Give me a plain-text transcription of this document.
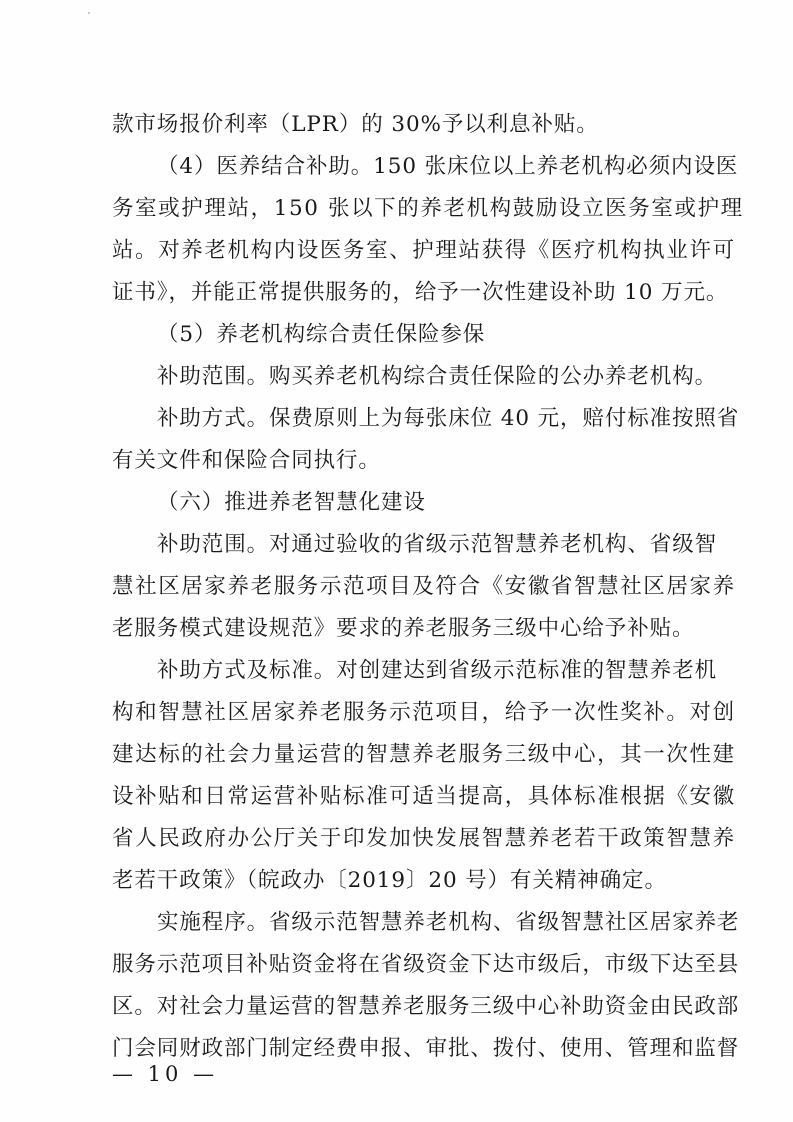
款市场报价利率（LPR）的 30%予以利息补贴。
（4）医养结合补助。150 张床位以上养老机构必须内设医
务室或护理站，150 张以下的养老机构鼓励设立医务室或护理
站。对养老机构内设医务室、护理站获得《医疗机构执业许可
证书》，并能正常提供服务的，给予一次性建设补助 10 万元。
（5）养老机构综合责任保险参保
补助范围。购买养老机构综合责任保险的公办养老机构。
补助方式。保费原则上为每张床位 40 元，赔付标准按照省
有关文件和保险合同执行。
（六）推进养老智慧化建设
补助范围。对通过验收的省级示范智慧养老机构、省级智
慧社区居家养老服务示范项目及符合《安徽省智慧社区居家养
老服务模式建设规范》要求的养老服务三级中心给予补贴。
补助方式及标准。对创建达到省级示范标准的智慧养老机
构和智慧社区居家养老服务示范项目，给予一次性奖补。对创
建达标的社会力量运营的智慧养老服务三级中心，其一次性建
设补贴和日常运营补贴标准可适当提高，具体标准根据《安徽
省人民政府办公厅关于印发加快发展智慧养老若干政策智慧养
老若干政策》（皖政办〔2019〕20 号）有关精神确定。
实施程序。省级示范智慧养老机构、省级智慧社区居家养老
服务示范项目补贴资金将在省级资金下达市级后，市级下达至县
区。对社会力量运营的智慧养老服务三级中心补助资金由民政部
门会同财政部门制定经费申报、审批、拨付、使用、管理和监督
— 10 —
